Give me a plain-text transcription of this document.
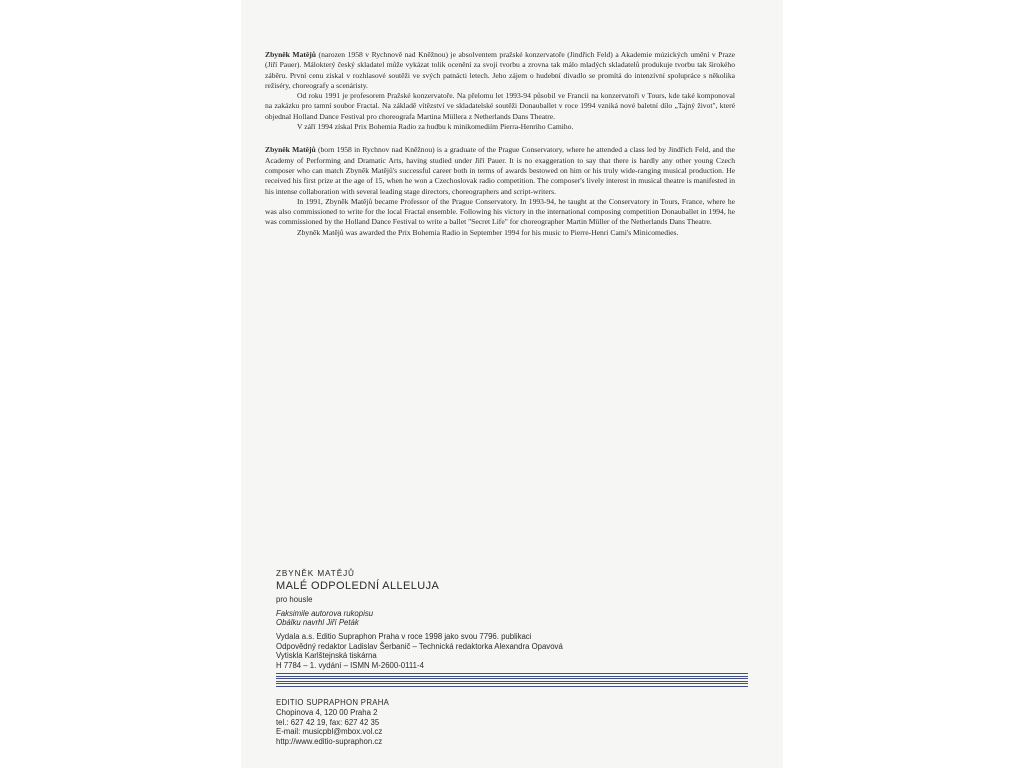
Zbyněk Matějů (narozen 1958 v Rychnově nad Kněžnou) je absolventem pražské konzervatoře (Jindřich Feld) a Akademie múzických umění v Praze (Jiří Pauer). Málokterý český skladatel může vykázat tolik ocenění za svoji tvorbu a zrovna tak málo mladých skladatelů produkuje tvorbu tak širokého záběru. První cenu získal v rozhlasové soutěži ve svých patnácti letech. Jeho zájem o hudební divadlo se promítá do intenzívní spolupráce s několika režiséry, choreografy a scenáristy.

Od roku 1991 je profesorem Pražské konzervatoře. Na přelomu let 1993-94 působil ve Francii na konzervatoři v Tours, kde také komponoval na zakázku pro tamní soubor Fractal. Na základě vítězství ve skladatelské soutěži Donauballet v roce 1994 vzniká nové baletní dílo „Tajný život", které objednal Holland Dance Festival pro choreografa Martina Müllera z Netherlands Dans Theatre.

V září 1994 získal Prix Bohemia Radio za hudbu k minikomediím Pierra-Henriho Camiho.

Zbyněk Matějů (born 1958 in Rychnov nad Kněžnou) is a graduate of the Prague Conservatory, where he attended a class led by Jindřich Feld, and the Academy of Performing and Dramatic Arts, having studied under Jiří Pauer. It is no exaggeration to say that there is hardly any other young Czech composer who can match Zbyněk Matějů's successful career both in terms of awards bestowed on him or his truly wide-ranging musical production. He received his first prize at the age of 15, when he won a Czechoslovak radio competition. The composer's lively interest in musical theatre is manifested in his intense collaboration with several leading stage directors, choreographers and script-writers.

In 1991, Zbyněk Matějů became Professor of the Prague Conservatory. In 1993-94, he taught at the Conservatory in Tours, France, where he was also commissioned to write for the local Fractal ensemble. Following his victory in the international composing competition Donauballet in 1994, he was commissioned by the Holland Dance Festival to write a ballet "Secret Life" for choreographer Martin Müller of the Netherlands Dans Theatre.

Zbyněk Matějů was awarded the Prix Bohemia Radio in September 1994 for his music to Pierre-Henri Cami's Minicomedies.

ZBYNĚK MATĚJŮ
MALÉ ODPOLEDNÍ ALLELUJA
pro housle
Faksimile autorova rukopisu
Obálku navrhl Jiří Peták
Vydala a.s. Editio Supraphon Praha v roce 1998 jako svou 7796. publikaci
Odpovědný redaktor Ladislav Šerbanič – Technická redaktorka Alexandra Opavová
Vytiskla Karlštejnská tiskárna
H 7784 – 1. vydání – ISMN M-2600-0111-4
EDITIO SUPRAPHON PRAHA
Chopinova 4, 120 00 Praha 2
tel.: 627 42 19, fax: 627 42 35
E-mail: musicpbl@mbox.vol.cz
http://www.editio-supraphon.cz
